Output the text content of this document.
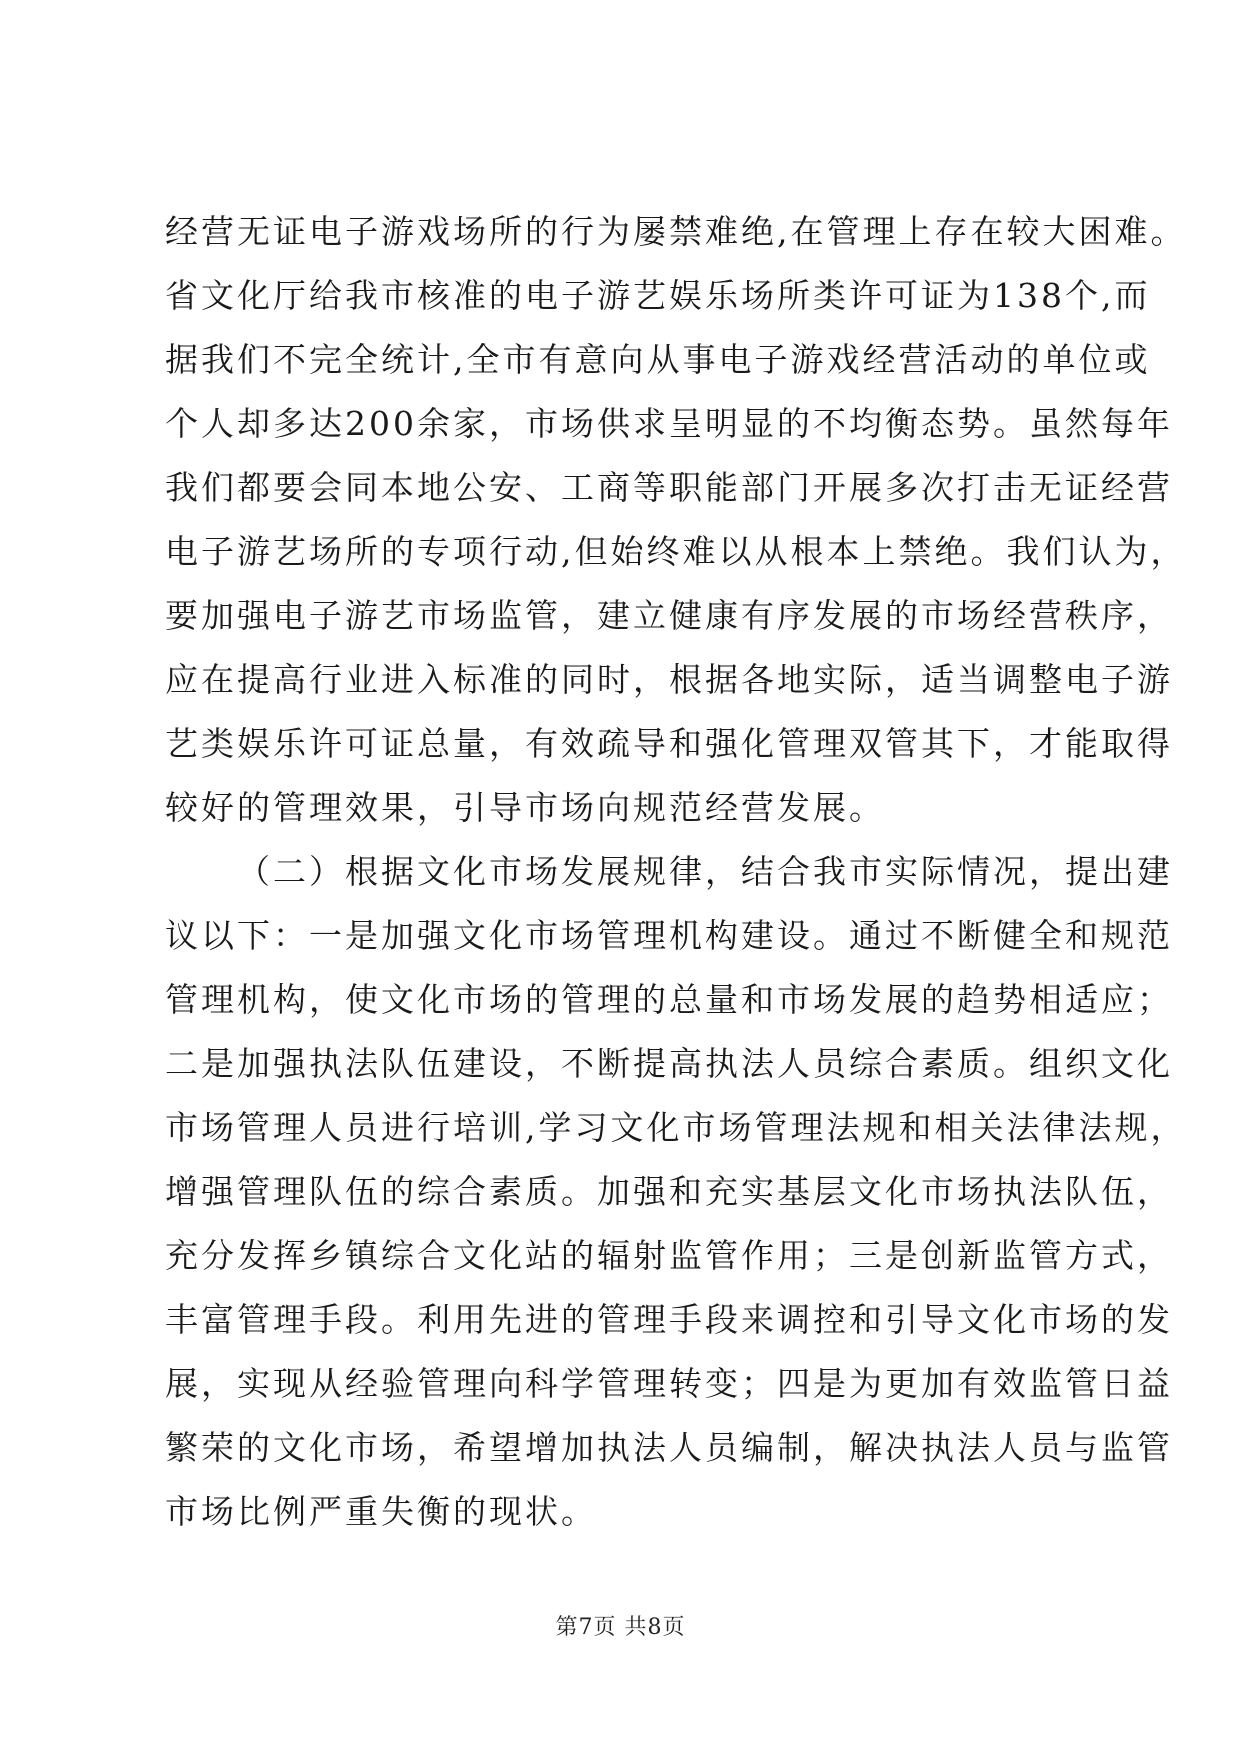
经营无证电子游戏场所的行为屡禁难绝,在管理上存在较大困难。
省文化厅给我市核准的电子游艺娱乐场所类许可证为138个,而
据我们不完全统计,全市有意向从事电子游戏经营活动的单位或
个人却多达200余家，市场供求呈明显的不均衡态势。虽然每年
我们都要会同本地公安、工商等职能部门开展多次打击无证经营
电子游艺场所的专项行动,但始终难以从根本上禁绝。我们认为，
要加强电子游艺市场监管，建立健康有序发展的市场经营秩序，
应在提高行业进入标准的同时，根据各地实际，适当调整电子游
艺类娱乐许可证总量，有效疏导和强化管理双管其下，才能取得
较好的管理效果，引导市场向规范经营发展。
（二）根据文化市场发展规律，结合我市实际情况，提出建
议以下：一是加强文化市场管理机构建设。通过不断健全和规范
管理机构，使文化市场的管理的总量和市场发展的趋势相适应；
二是加强执法队伍建设，不断提高执法人员综合素质。组织文化
市场管理人员进行培训,学习文化市场管理法规和相关法律法规，
增强管理队伍的综合素质。加强和充实基层文化市场执法队伍，
充分发挥乡镇综合文化站的辐射监管作用；三是创新监管方式，
丰富管理手段。利用先进的管理手段来调控和引导文化市场的发
展，实现从经验管理向科学管理转变；四是为更加有效监管日益
繁荣的文化市场，希望增加执法人员编制，解决执法人员与监管
市场比例严重失衡的现状。
第7页 共8页
